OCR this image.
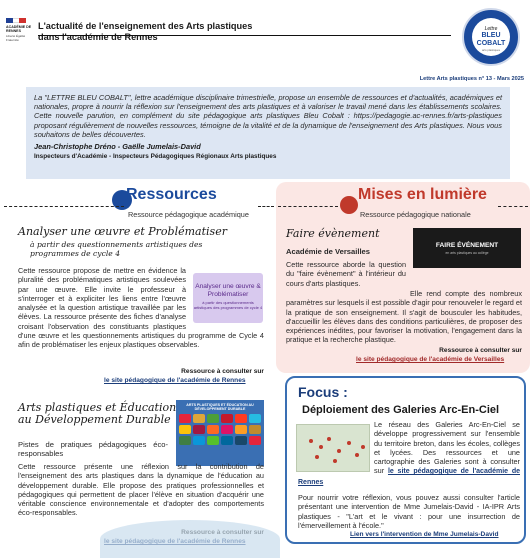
ACADÉMIE DE RENNES
Liberté Égalité Fraternité
L'actualité de l'enseignement des Arts plastiques
dans l'académie de Rennes
Lettre
BLEU COBALT
arts plastiques
Lettre Arts plastiques n° 13 - Mars 2025

La "LETTRE BLEU COBALT", lettre académique disciplinaire trimestrielle, propose un ensemble de ressources et d'actualités, académiques et nationales, propre à nourrir la réflexion sur l'enseignement des arts plastiques et à valoriser le travail mené dans les établissements scolaires. Cette nouvelle parution, en complément du site pédagogique arts plastiques Bleu Cobalt : https://pedagogie.ac-rennes.fr/arts-plastiques proposant régulièrement de nouvelles ressources, témoigne de la vitalité et de la dynamique de l'enseignement des Arts plastiques. Nous vous souhaitons de belles découvertes.

Jean-Christophe Dréno - Gaëlle Jumelais-David
Inspecteurs d'Académie - Inspecteurs Pédagogiques Régionaux Arts plastiques
Ressources
Ressource pédagogique académique
Analyser une œuvre et Problématiser
à partir des questionnements artistiques des programmes de cycle 4
Analyser une œuvre & Problématiser
à partir des questionnements artistiques des programmes de cycle 4
Cette ressource propose de mettre en évidence la pluralité des problématiques artistiques soulevées par une œuvre. Elle invite le professeur à s'interroger et à expliciter les liens entre l'œuvre analysée et la question artistique travaillée par les élèves. La ressource présente des fiches d'analyse croisant l'observation des constituants plastiques d'une œuvre et les questionnements artistiques du programme de Cycle 4 afin de problématiser les enjeux plastiques observables.
Ressource à consulter sur
le site pédagogique de l'académie de Rennes
Arts plastiques et Éducation au Développement Durable
ARTS PLASTIQUES ET ÉDUCATION AU DÉVELOPPEMENT DURABLE
Pistes de pratiques pédagogiques éco-responsables
Cette ressource présente une réflexion sur la contribution de l'enseignement des arts plastiques dans la dynamique de l'éducation au développement durable. Elle propose des pratiques professionnelles et pédagogiques qui permettent de placer l'élève en situation d'acquérir une véritable conscience environnementale et d'adopter des comportements éco-responsables.
Mises en lumière
Ressource pédagogique nationale
Faire évènement
Académie de Versailles
FAIRE ÉVÉNEMENT
en arts plastiques au collège
Cette ressource aborde la question du "faire évènement" à l'intérieur du cours d'arts plastiques.
Elle rend compte des nombreux paramètres sur lesquels il est possible d'agir pour renouveler le regard et la pratique de son enseignement. Il s'agit de bousculer les habitudes, d'accueillir les élèves dans des conditions particulières, de proposer des expériences inédites, pour favoriser la motivation, l'engagement dans la pratique et la recherche plastique.
Ressource à consulter sur
le site pédagogique de l'académie de Versailles
Focus :
Déploiement des Galeries Arc-En-Ciel
Le réseau des Galeries Arc-En-Ciel se développe progressivement sur l'ensemble du territoire breton, dans les écoles, collèges et lycées. Des ressources et une cartographie des Galeries sont à consulter sur le site pédagogique de l'académie de Rennes
Pour nourrir votre réflexion, vous pouvez aussi consulter l'article présentant une intervention de Mme Jumelais-David - IA-IPR Arts plastiques - "L'art et le vivant : pour une insurrection de l'émerveillement à l'école."
Lien vers l'intervention de Mme Jumelais-David
